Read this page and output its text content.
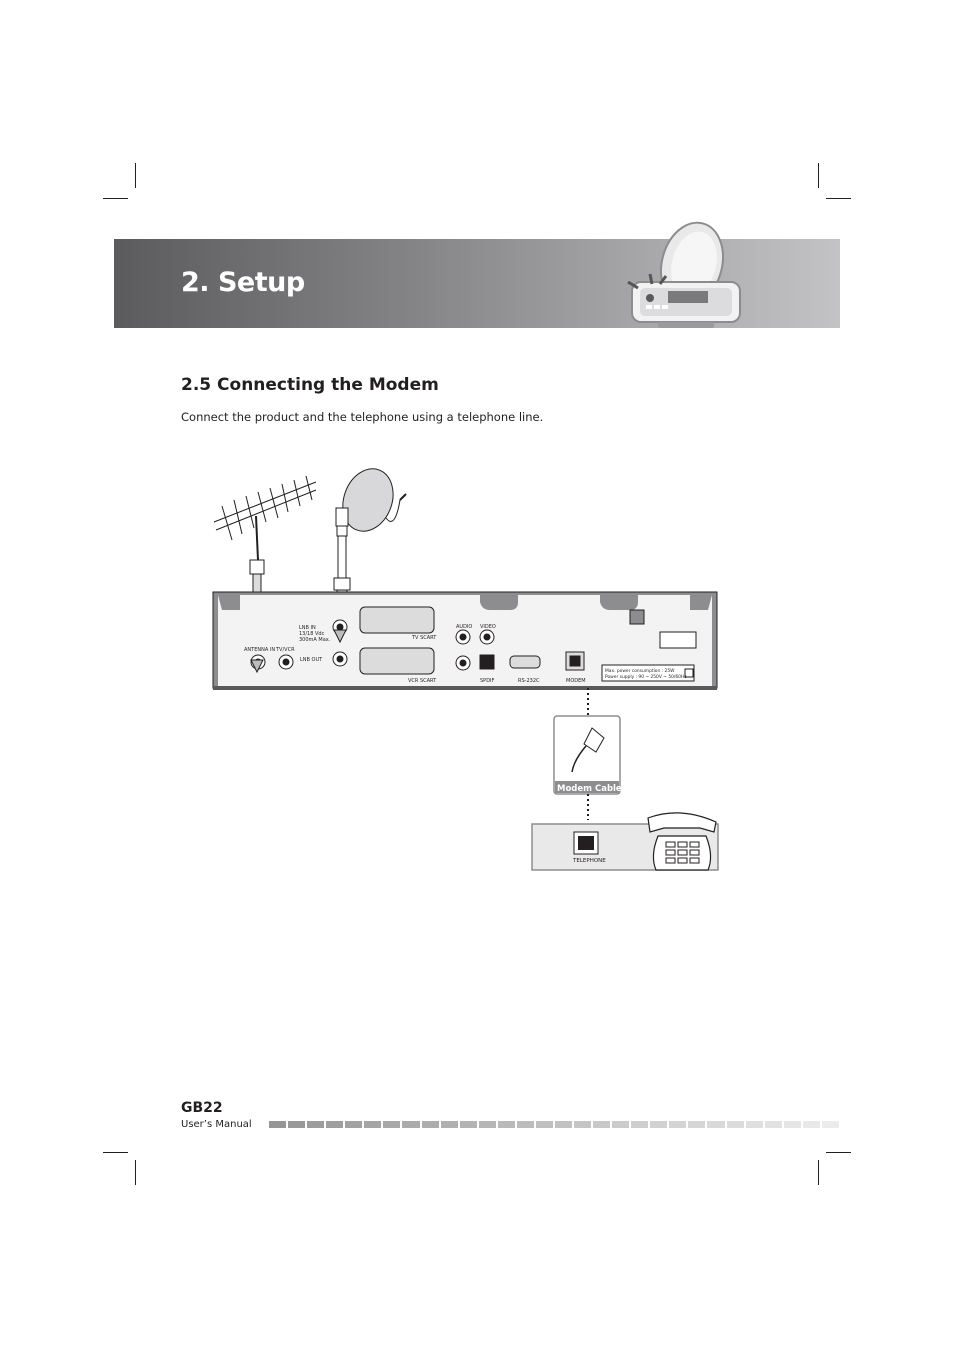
2. Setup
2.5 Connecting the Modem
Connect the product and the telephone using a telephone line.
LNB IN
13/18 Vdc
300mA Max.
LNB OUT
ANTENNA IN TV/VCR
TV SCART
VCR SCART
AUDIO VIDEO
SPDIF	RS-232C	MODEM
Max. power consumption : 25W
Power supply : 90 ~ 250V ~ 50/60Hz
Modem Cable
TELEPHONE
GB22
User’s Manual
